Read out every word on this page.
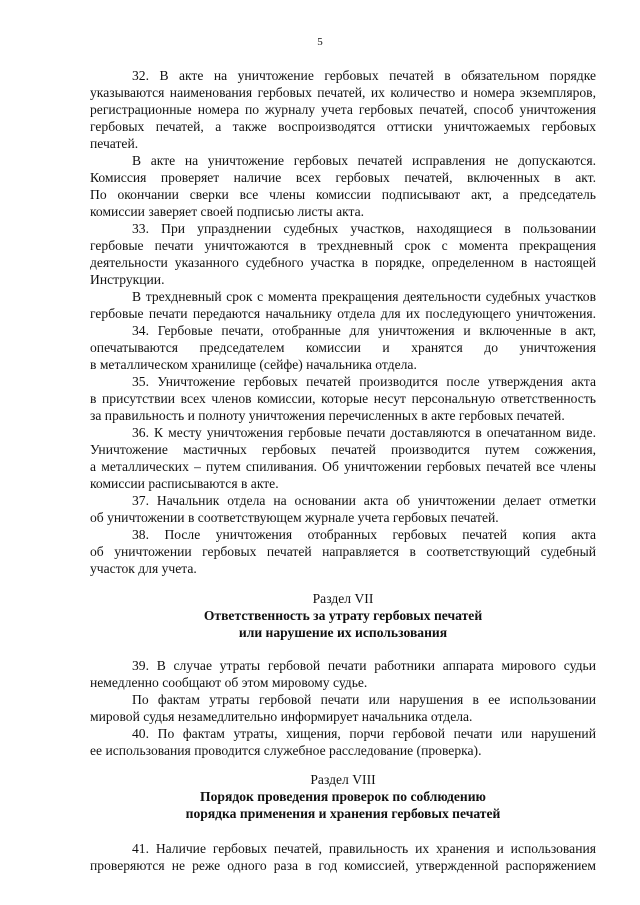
5
32. В акте на уничтожение гербовых печатей в обязательном порядке
указываются наименования гербовых печатей, их количество и номера экземпляров,
регистрационные номера по журналу учета гербовых печатей, способ уничтожения
гербовых печатей, а также воспроизводятся оттиски уничтожаемых гербовых
печатей.
В акте на уничтожение гербовых печатей исправления не допускаются.
Комиссия проверяет наличие всех гербовых печатей, включенных в акт.
По окончании сверки все члены комиссии подписывают акт, а председатель
комиссии заверяет своей подписью листы акта.
33. При упразднении судебных участков, находящиеся в пользовании
гербовые печати уничтожаются в трехдневный срок с момента прекращения
деятельности указанного судебного участка в порядке, определенном в настоящей
Инструкции.
В трехдневный срок с момента прекращения деятельности судебных участков
гербовые печати передаются начальнику отдела для их последующего уничтожения.
34. Гербовые печати, отобранные для уничтожения и включенные в акт,
опечатываются председателем комиссии и хранятся до уничтожения
в металлическом хранилище (сейфе) начальника отдела.
35. Уничтожение гербовых печатей производится после утверждения акта
в присутствии всех членов комиссии, которые несут персональную ответственность
за правильность и полноту уничтожения перечисленных в акте гербовых печатей.
36. К месту уничтожения гербовые печати доставляются в опечатанном виде.
Уничтожение мастичных гербовых печатей производится путем сожжения,
а металлических – путем спиливания. Об уничтожении гербовых печатей все члены
комиссии расписываются в акте.
37. Начальник отдела на основании акта об уничтожении делает отметки
об уничтожении в соответствующем журнале учета гербовых печатей.
38. После уничтожения отобранных гербовых печатей копия акта
об уничтожении гербовых печатей направляется в соответствующий судебный
участок для учета.
Раздел VII
Ответственность за утрату гербовых печатей
или нарушение их использования
39. В случае утраты гербовой печати работники аппарата мирового судьи
немедленно сообщают об этом мировому судье.
По фактам утраты гербовой печати или нарушения в ее использовании
мировой судья незамедлительно информирует начальника отдела.
40. По фактам утраты, хищения, порчи гербовой печати или нарушений
ее использования проводится служебное расследование (проверка).
Раздел VIII
Порядок проведения проверок по соблюдению
порядка применения и хранения гербовых печатей
41. Наличие гербовых печатей, правильность их хранения и использования
проверяются не реже одного раза в год комиссией, утвержденной распоряжением
